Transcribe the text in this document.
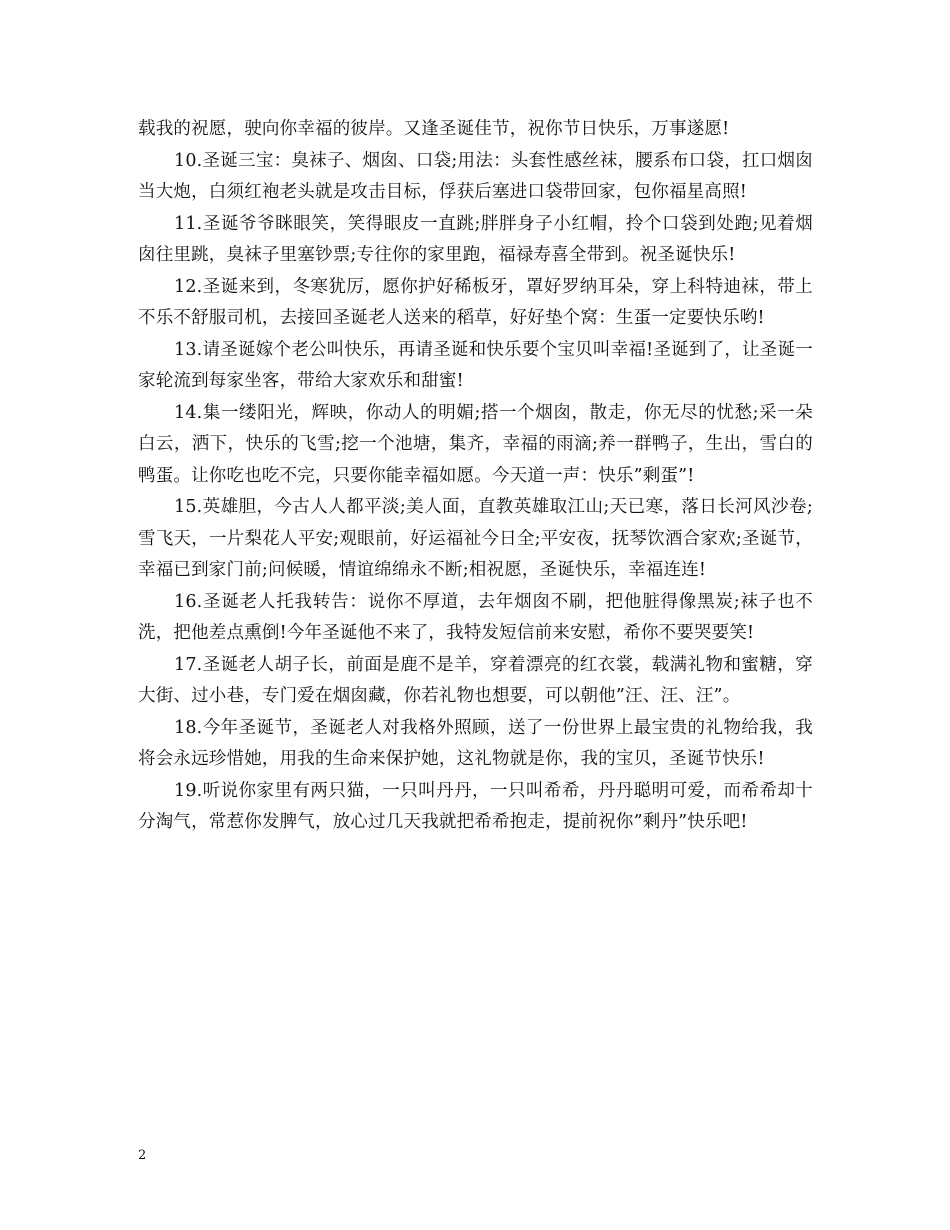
载我的祝愿，驶向你幸福的彼岸。又逢圣诞佳节，祝你节日快乐，万事遂愿!

10.圣诞三宝：臭袜子、烟囱、口袋;用法：头套性感丝袜，腰系布口袋，扛口烟囱当大炮，白须红袍老头就是攻击目标，俘获后塞进口袋带回家，包你福星高照!

11.圣诞爷爷眯眼笑，笑得眼皮一直跳;胖胖身子小红帽，拎个口袋到处跑;见着烟囱往里跳，臭袜子里塞钞票;专往你的家里跑，福禄寿喜全带到。祝圣诞快乐!

12.圣诞来到，冬寒犹厉，愿你护好稀板牙，罩好罗纳耳朵，穿上科特迪袜，带上不乐不舒服司机，去接回圣诞老人送来的稻草，好好垫个窝：生蛋一定要快乐哟!

13.请圣诞嫁个老公叫快乐，再请圣诞和快乐要个宝贝叫幸福!圣诞到了，让圣诞一家轮流到每家坐客，带给大家欢乐和甜蜜!

14.集一缕阳光，辉映，你动人的明媚;搭一个烟囱，散走，你无尽的忧愁;采一朵白云，洒下，快乐的飞雪;挖一个池塘，集齐，幸福的雨滴;养一群鸭子，生出，雪白的鸭蛋。让你吃也吃不完，只要你能幸福如愿。今天道一声：快乐”剩蛋”!

15.英雄胆，今古人人都平淡;美人面，直教英雄取江山;天已寒，落日长河风沙卷;雪飞天，一片梨花人平安;观眼前，好运福祉今日全;平安夜，抚琴饮酒合家欢;圣诞节，幸福已到家门前;问候暖，情谊绵绵永不断;相祝愿，圣诞快乐，幸福连连!

16.圣诞老人托我转告：说你不厚道，去年烟囱不刷，把他脏得像黑炭;袜子也不洗，把他差点熏倒!今年圣诞他不来了，我特发短信前来安慰，希你不要哭要笑!

17.圣诞老人胡子长，前面是鹿不是羊，穿着漂亮的红衣裳，载满礼物和蜜糖，穿大街、过小巷，专门爱在烟囱藏，你若礼物也想要，可以朝他”汪、汪、汪”。

18.今年圣诞节，圣诞老人对我格外照顾，送了一份世界上最宝贵的礼物给我，我将会永远珍惜她，用我的生命来保护她，这礼物就是你，我的宝贝，圣诞节快乐!

19.听说你家里有两只猫，一只叫丹丹，一只叫希希，丹丹聪明可爱，而希希却十分淘气，常惹你发脾气，放心过几天我就把希希抱走，提前祝你”剩丹”快乐吧!

2
